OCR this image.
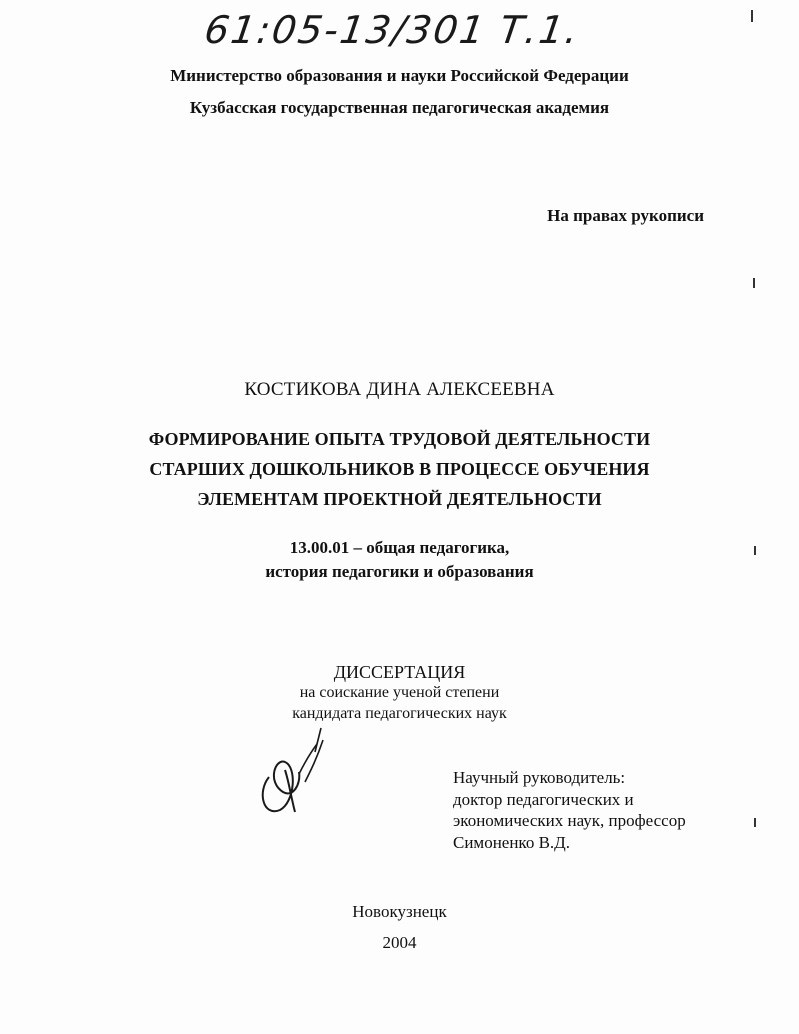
61:05-13/301 Т.1.
Министерство образования и науки Российской Федерации
Кузбасская государственная педагогическая академия
На правах рукописи
КОСТИКОВА ДИНА АЛЕКСЕЕВНА
ФОРМИРОВАНИЕ ОПЫТА ТРУДОВОЙ ДЕЯТЕЛЬНОСТИ
СТАРШИХ ДОШКОЛЬНИКОВ В ПРОЦЕССЕ ОБУЧЕНИЯ
ЭЛЕМЕНТАМ ПРОЕКТНОЙ ДЕЯТЕЛЬНОСТИ
13.00.01 – общая педагогика,
история педагогики и образования
ДИССЕРТАЦИЯ
на соискание ученой степени
кандидата педагогических наук
Научный руководитель:
доктор педагогических и
экономических наук, профессор
Симоненко В.Д.
Новокузнецк
2004
